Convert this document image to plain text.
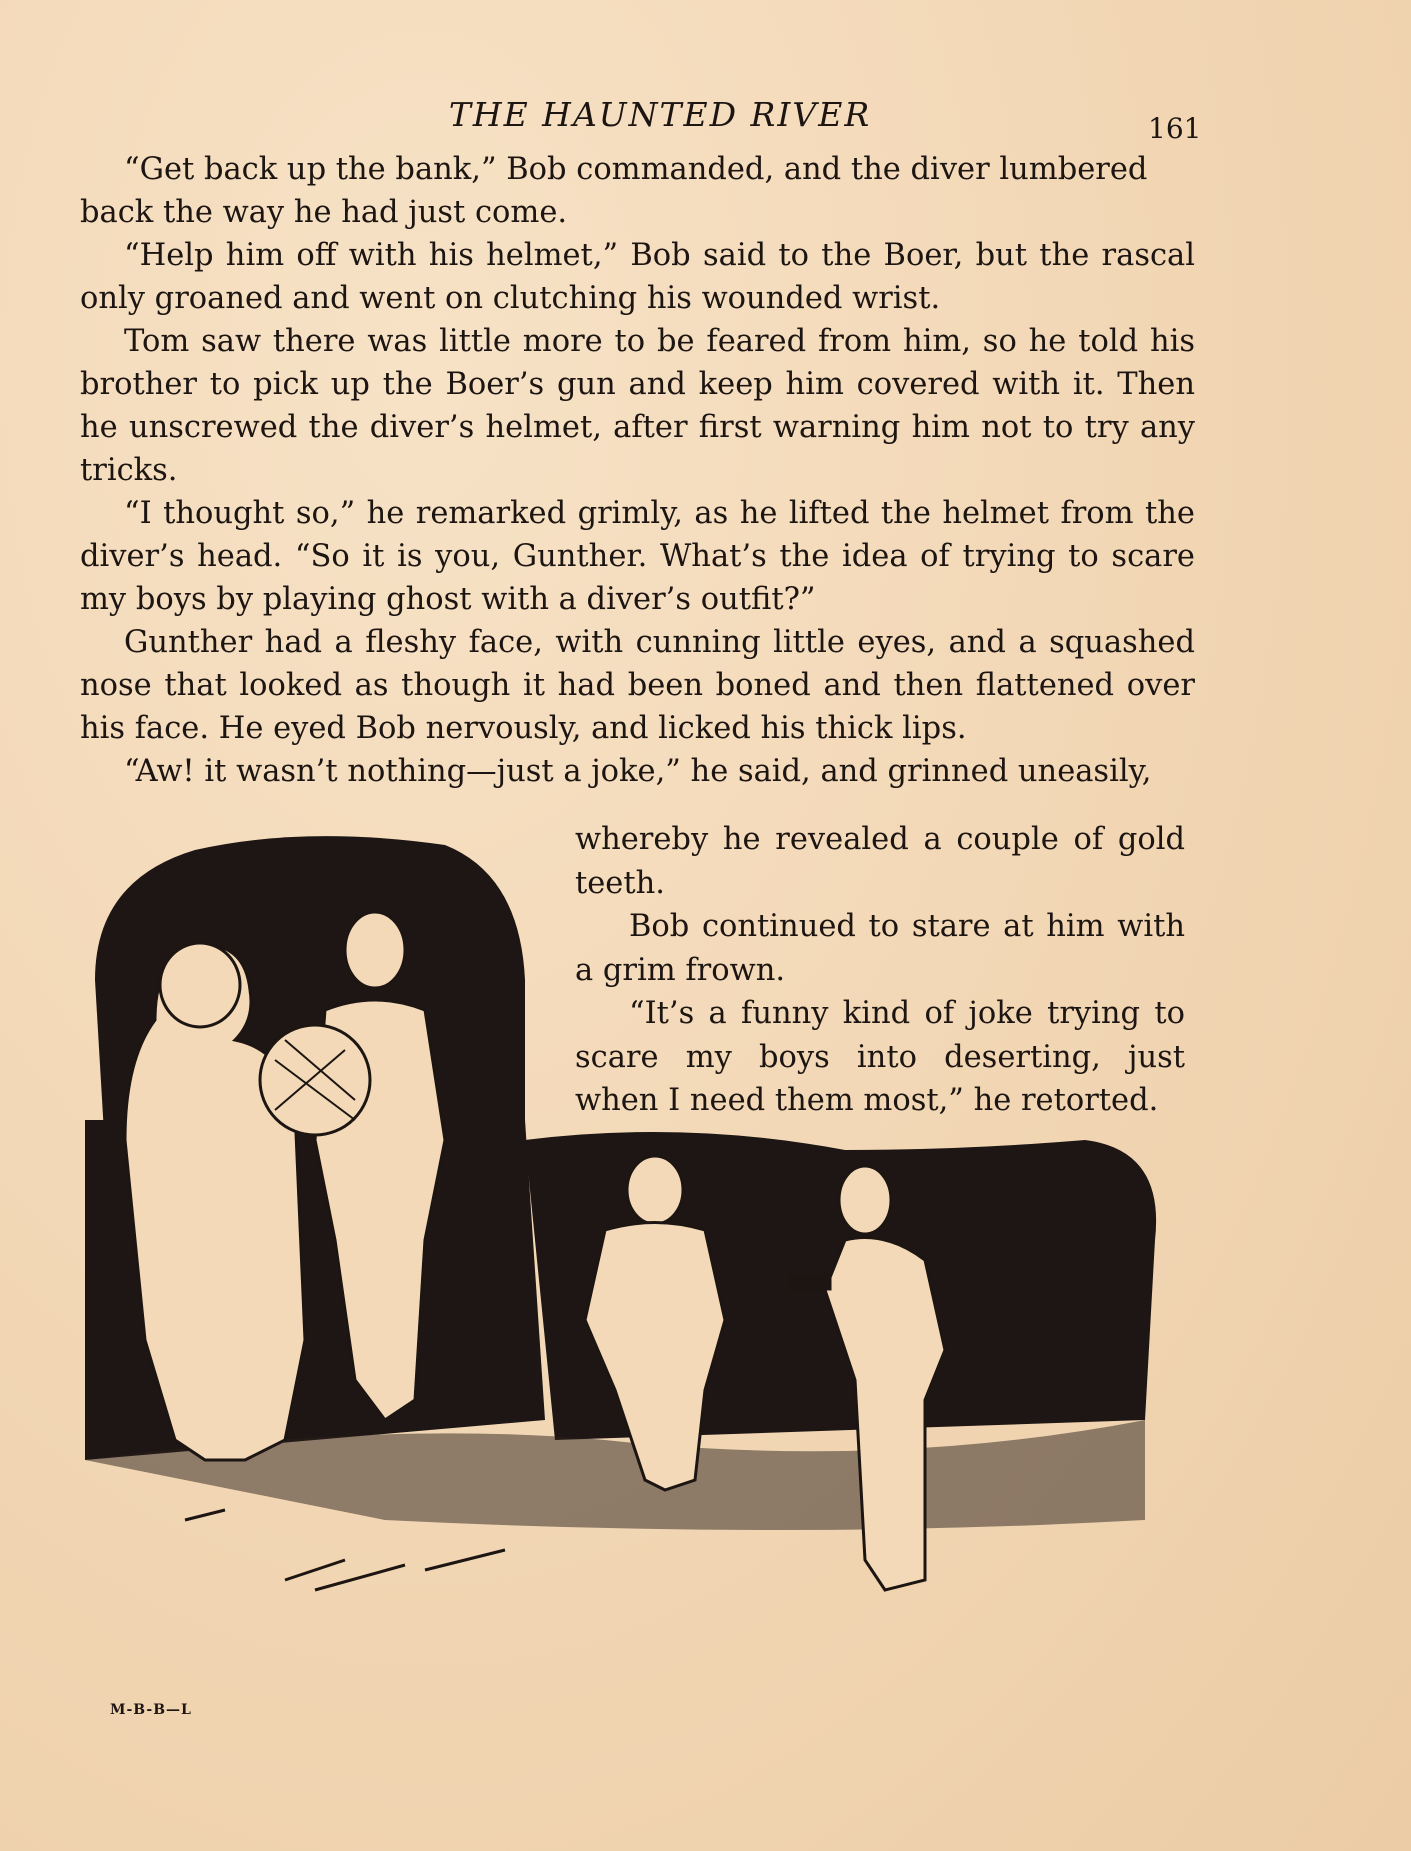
THE HAUNTED RIVER	161

“Get back up the bank,” Bob commanded, and the diver lumbered

back the way he had just come.

“Help him off with his helmet,” Bob said to the Boer, but the rascal only groaned and went on clutching his wounded wrist.

Tom saw there was little more to be feared from him, so he told his brother to pick up the Boer’s gun and keep him covered with it. Then he unscrewed the diver’s helmet, after first warning him not to try any tricks.

“I thought so,” he remarked grimly, as he lifted the helmet from the diver’s head. “So it is you, Gunther. What’s the idea of trying to scare my boys by playing ghost with a diver’s outfit?”

Gunther had a fleshy face, with cunning little eyes, and a squashed nose that looked as though it had been boned and then flattened over his face. He eyed Bob nervously, and licked his thick lips.

“Aw! it wasn’t nothing—just a joke,” he said, and grinned uneasily,

whereby he revealed a couple of gold teeth.

Bob continued to stare at him with a grim frown.

“It’s a funny kind of joke trying to scare my boys into deserting, just when I need them most,” he retorted.

M-B-B—L
